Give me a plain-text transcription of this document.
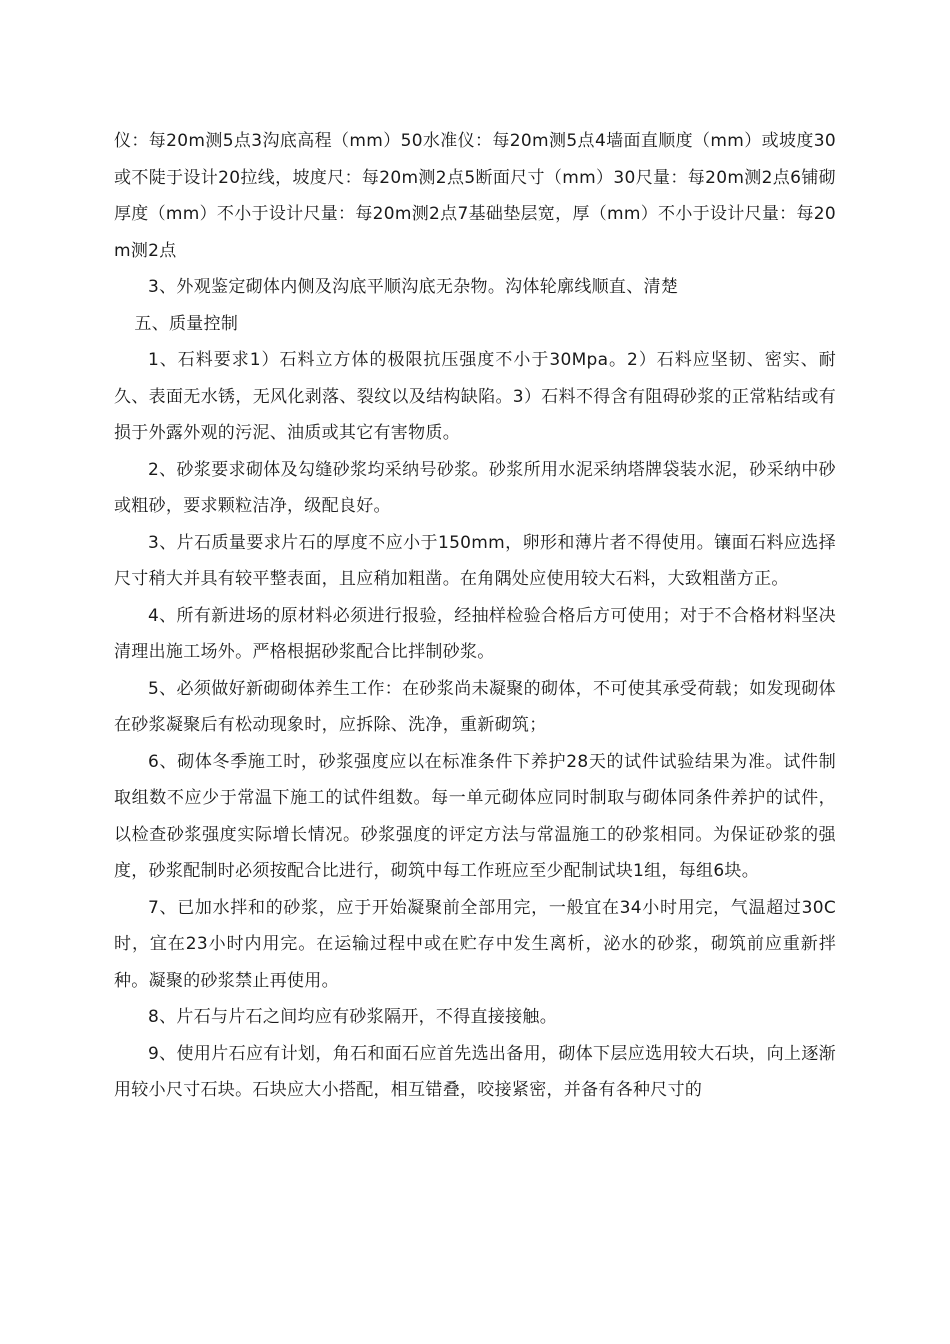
仪：每20m测5点3沟底高程（mm）50水准仪：每20m测5点4墙面直顺度（mm）或坡度30或不陡于设计20拉线，坡度尺：每20m测2点5断面尺寸（mm）30尺量：每20m测2点6铺砌厚度（mm）不小于设计尺量：每20m测2点7基础垫层宽，厚（mm）不小于设计尺量：每20m测2点

3、外观鉴定砌体内侧及沟底平顺沟底无杂物。沟体轮廓线顺直、清楚

五、质量控制

1、石料要求1）石料立方体的极限抗压强度不小于30Mpa。2）石料应坚韧、密实、耐久、表面无水锈，无风化剥落、裂纹以及结构缺陷。3）石料不得含有阻碍砂浆的正常粘结或有损于外露外观的污泥、油质或其它有害物质。

2、砂浆要求砌体及勾缝砂浆均采纳号砂浆。砂浆所用水泥采纳塔牌袋装水泥，砂采纳中砂或粗砂，要求颗粒洁净，级配良好。

3、片石质量要求片石的厚度不应小于150mm，卵形和薄片者不得使用。镶面石料应选择尺寸稍大并具有较平整表面，且应稍加粗凿。在角隅处应使用较大石料，大致粗凿方正。

4、所有新进场的原材料必须进行报验，经抽样检验合格后方可使用；对于不合格材料坚决清理出施工场外。严格根据砂浆配合比拌制砂浆。

5、必须做好新砌砌体养生工作：在砂浆尚未凝聚的砌体，不可使其承受荷载；如发现砌体在砂浆凝聚后有松动现象时，应拆除、洗净，重新砌筑；

6、砌体冬季施工时，砂浆强度应以在标准条件下养护28天的试件试验结果为准。试件制取组数不应少于常温下施工的试件组数。每一单元砌体应同时制取与砌体同条件养护的试件，以检查砂浆强度实际增长情况。砂浆强度的评定方法与常温施工的砂浆相同。为保证砂浆的强度，砂浆配制时必须按配合比进行，砌筑中每工作班应至少配制试块1组，每组6块。

7、已加水拌和的砂浆，应于开始凝聚前全部用完，一般宜在34小时用完，气温超过30C时，宜在23小时内用完。在运输过程中或在贮存中发生离析，泌水的砂浆，砌筑前应重新拌种。凝聚的砂浆禁止再使用。

8、片石与片石之间均应有砂浆隔开，不得直接接触。

9、使用片石应有计划，角石和面石应首先选出备用，砌体下层应选用较大石块，向上逐渐用较小尺寸石块。石块应大小搭配，相互错叠，咬接紧密，并备有各种尺寸的
